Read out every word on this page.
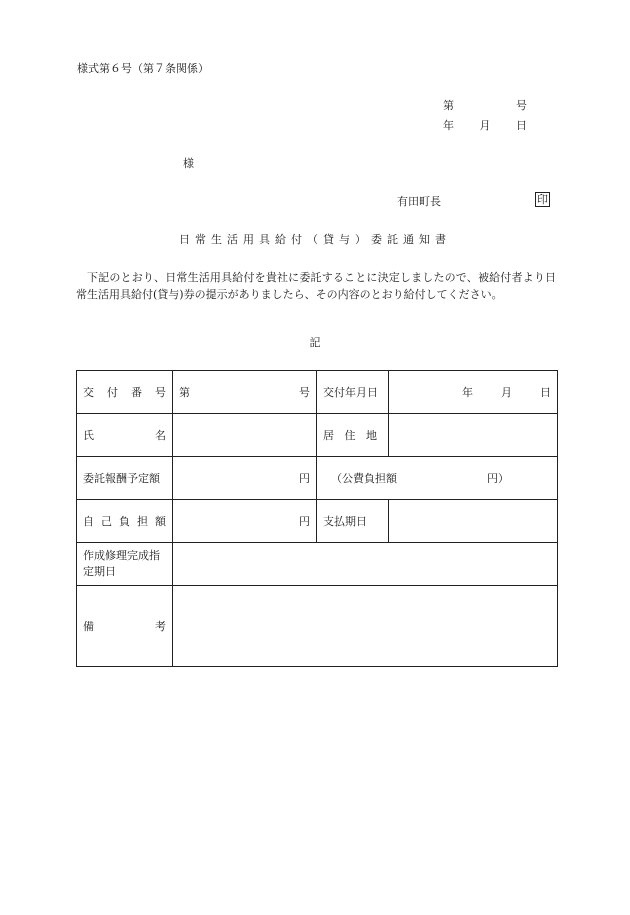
様式第６号（第７条関係）
第	号
年 月 日
様
有田町長	印
日常生活用具給付（貸与）委託通知書
下記のとおり、日常生活用具給付を貴社に委託することに決定しましたので、被給付者より日常生活用具給付(貸与)券の提示がありましたら、その内容のとおり給付してください。
記
交 付 番 号	第 号	交付年月日	年 月 日

氏 名		居 住 地	

委託報酬予定額	円	（公費負担額 円）	

自 己 負 担 額	円	支払期日	
作成修理完成指定期日			

備 考			
